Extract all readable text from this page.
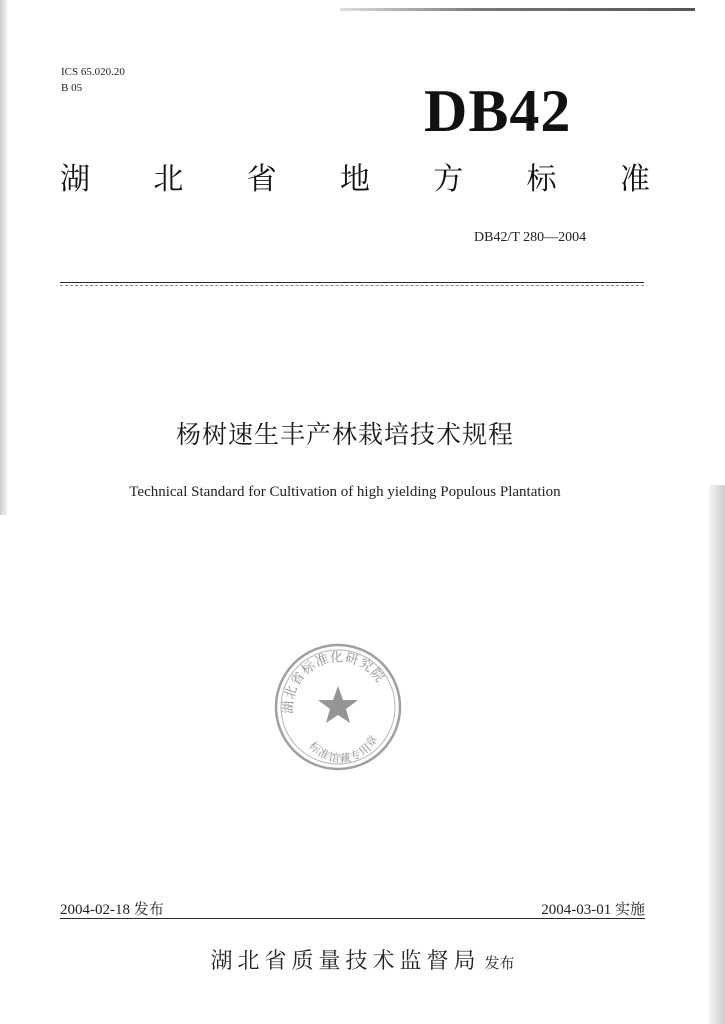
ICS 65.020.20
B 05	DB42
湖 北 省 地 方 标 准
DB42/T 280—2004
杨树速生丰产林栽培技术规程
Technical Standard for Cultivation of high yielding Populous Plantation
湖北省标准化研究院
标准馆藏专用章
2004-02-18 发布	2004-03-01 实施
湖北省质量技术监督局 发布
